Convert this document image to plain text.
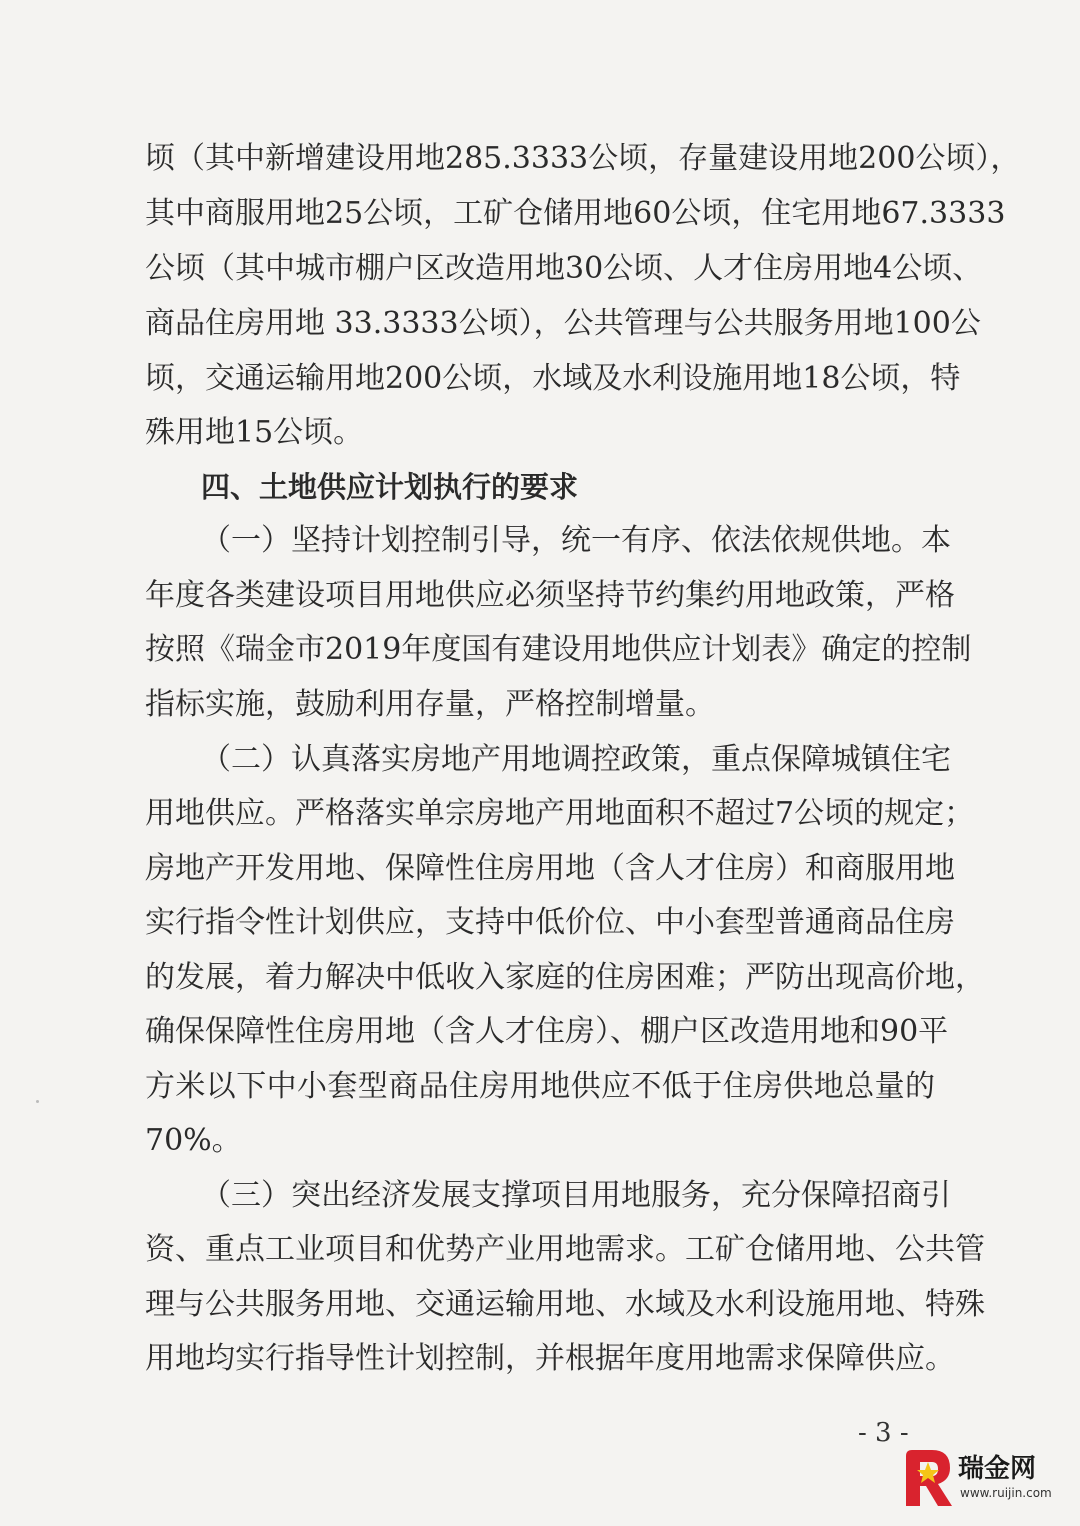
顷（其中新增建设用地285.3333公顷，存量建设用地200公顷），
其中商服用地25公顷，工矿仓储用地60公顷，住宅用地67.3333
公顷（其中城市棚户区改造用地30公顷、人才住房用地4公顷、
商品住房用地 33.3333公顷），公共管理与公共服务用地100公
顷，交通运输用地200公顷，水域及水利设施用地18公顷，特
殊用地15公顷。
四、土地供应计划执行的要求
（一）坚持计划控制引导，统一有序、依法依规供地。本
年度各类建设项目用地供应必须坚持节约集约用地政策，严格
按照《瑞金市2019年度国有建设用地供应计划表》确定的控制
指标实施，鼓励利用存量，严格控制增量。
（二）认真落实房地产用地调控政策，重点保障城镇住宅
用地供应。严格落实单宗房地产用地面积不超过7公顷的规定；
房地产开发用地、保障性住房用地（含人才住房）和商服用地
实行指令性计划供应，支持中低价位、中小套型普通商品住房
的发展，着力解决中低收入家庭的住房困难；严防出现高价地，
确保保障性住房用地（含人才住房）、棚户区改造用地和90平
方米以下中小套型商品住房用地供应不低于住房供地总量的
70%。
（三）突出经济发展支撑项目用地服务，充分保障招商引
资、重点工业项目和优势产业用地需求。工矿仓储用地、公共管
理与公共服务用地、交通运输用地、水域及水利设施用地、特殊
用地均实行指导性计划控制，并根据年度用地需求保障供应。
- 3 -
瑞金网
www.ruijin.com
